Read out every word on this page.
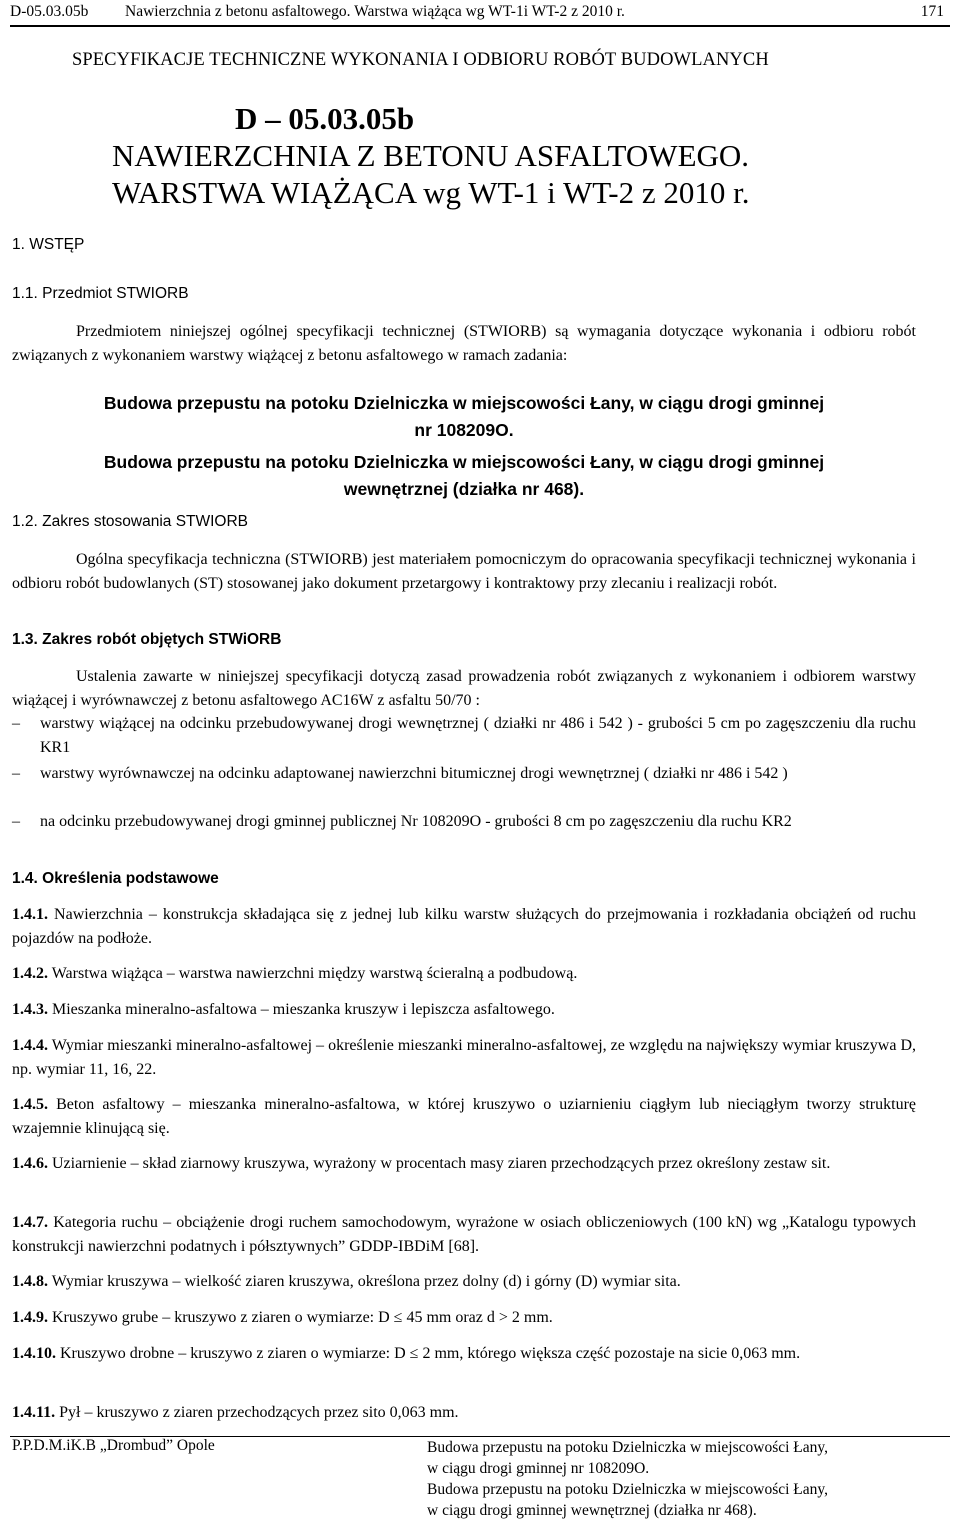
D-05.03.05b Nawierzchnia z betonu asfaltowego. Warstwa wiążąca wg WT-1i WT-2 z 2010 r.	171
SPECYFIKACJE TECHNICZNE WYKONANIA I ODBIORU ROBÓT BUDOWLANYCH
D – 05.03.05b
NAWIERZCHNIA Z BETONU ASFALTOWEGO.
WARSTWA WIĄŻĄCA wg WT-1 i WT-2 z 2010 r.
1. WSTĘP
1.1. Przedmiot STWIORB
Przedmiotem niniejszej ogólnej specyfikacji technicznej (STWIORB) są wymagania dotyczące wykonania i odbioru robót związanych z wykonaniem warstwy wiążącej z betonu asfaltowego w ramach zadania:
Budowa przepustu na potoku Dzielniczka w miejscowości Łany, w ciągu drogi gminnej
nr 108209O.
Budowa przepustu na potoku Dzielniczka w miejscowości Łany, w ciągu drogi gminnej
wewnętrznej (działka nr 468).
1.2. Zakres stosowania STWIORB
Ogólna specyfikacja techniczna (STWIORB) jest materiałem pomocniczym do opracowania specyfikacji technicznej wykonania i odbioru robót budowlanych (ST) stosowanej jako dokument przetargowy i kontraktowy przy zlecaniu i realizacji robót.
1.3. Zakres robót objętych STWiORB
Ustalenia zawarte w niniejszej specyfikacji dotyczą zasad prowadzenia robót związanych z wykonaniem i odbiorem warstwy wiążącej i wyrównawczej z betonu asfaltowego AC16W z asfaltu 50/70 :
–	warstwy wiążącej na odcinku przebudowywanej drogi wewnętrznej ( działki nr 486 i 542 ) - grubości 5 cm po zagęszczeniu dla ruchu KR1
–	warstwy wyrównawczej na odcinku adaptowanej nawierzchni bitumicznej drogi wewnętrznej ( działki nr 486 i 542 )
–	na odcinku przebudowywanej drogi gminnej publicznej Nr 108209O - grubości 8 cm po zagęszczeniu dla ruchu KR2
1.4. Określenia podstawowe
1.4.1. Nawierzchnia – konstrukcja składająca się z jednej lub kilku warstw służących do przejmowania i rozkładania obciążeń od ruchu pojazdów na podłoże.
1.4.2. Warstwa wiążąca – warstwa nawierzchni między warstwą ścieralną a podbudową.
1.4.3. Mieszanka mineralno-asfaltowa – mieszanka kruszyw i lepiszcza asfaltowego.
1.4.4. Wymiar mieszanki mineralno-asfaltowej – określenie mieszanki mineralno-asfaltowej, ze względu na największy wymiar kruszywa D, np. wymiar 11, 16, 22.
1.4.5. Beton asfaltowy – mieszanka mineralno-asfaltowa, w której kruszywo o uziarnieniu ciągłym lub nieciągłym tworzy strukturę wzajemnie klinującą się.
1.4.6. Uziarnienie – skład ziarnowy kruszywa, wyrażony w procentach masy ziaren przechodzących przez określony zestaw sit.
1.4.7. Kategoria ruchu – obciążenie drogi ruchem samochodowym, wyrażone w osiach obliczeniowych (100 kN) wg „Katalogu typowych konstrukcji nawierzchni podatnych i półsztywnych” GDDP-IBDiM [68].
1.4.8. Wymiar kruszywa – wielkość ziaren kruszywa, określona przez dolny (d) i górny (D) wymiar sita.
1.4.9. Kruszywo grube – kruszywo z ziaren o wymiarze: D ≤ 45 mm oraz d > 2 mm.
1.4.10. Kruszywo drobne – kruszywo z ziaren o wymiarze: D ≤ 2 mm, którego większa część pozostaje na sicie 0,063 mm.
1.4.11. Pył – kruszywo z ziaren przechodzących przez sito 0,063 mm.
P.P.D.M.iK.B „Drombud” Opole	Budowa przepustu na potoku Dzielniczka w miejscowości Łany,
w ciągu drogi gminnej nr 108209O.
Budowa przepustu na potoku Dzielniczka w miejscowości Łany,
w ciągu drogi gminnej wewnętrznej (działka nr 468).
